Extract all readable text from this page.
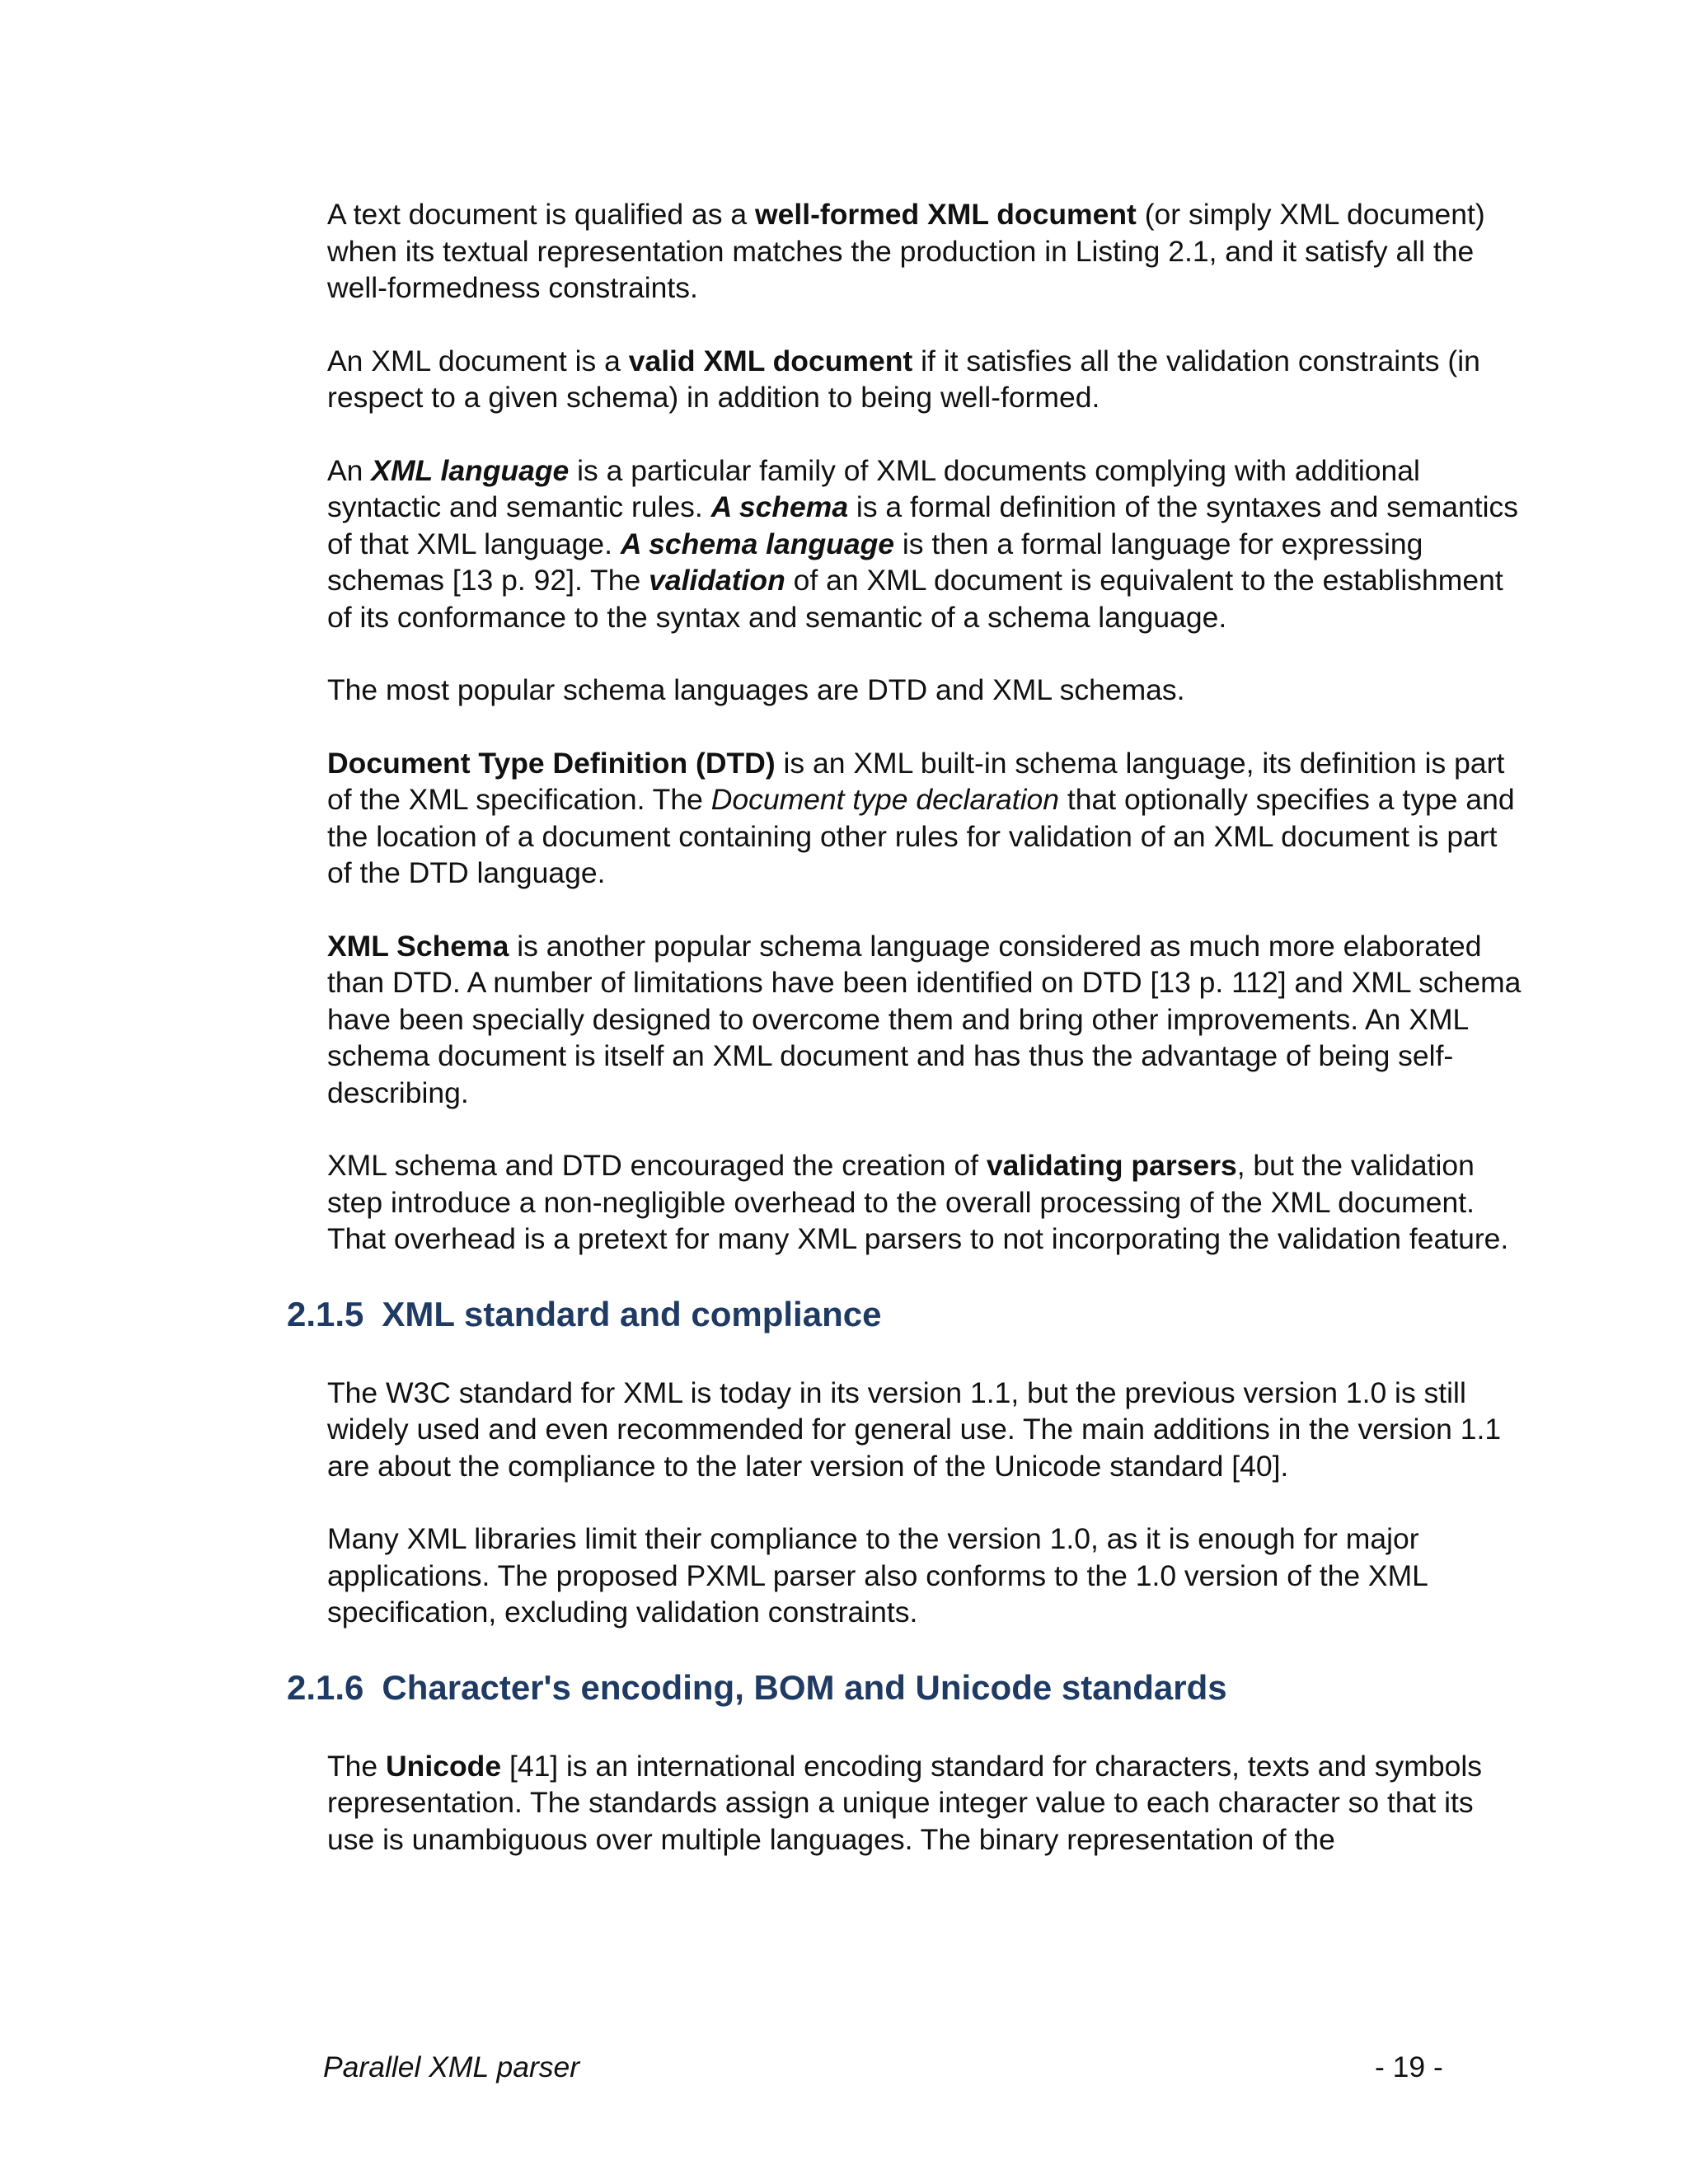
A text document is qualified as a well-formed XML document (or simply XML document) when its textual representation matches the production in Listing 2.1, and it satisfy all the well-formedness constraints.

An XML document is a valid XML document if it satisfies all the validation constraints (in respect to a given schema) in addition to being well-formed.

An XML language is a particular family of XML documents complying with additional syntactic and semantic rules. A schema is a formal definition of the syntaxes and semantics of that XML language. A schema language is then a formal language for expressing schemas [13 p. 92]. The validation of an XML document is equivalent to the establishment of its conformance to the syntax and semantic of a schema language.

The most popular schema languages are DTD and XML schemas.

Document Type Definition (DTD) is an XML built-in schema language, its definition is part of the XML specification. The Document type declaration that optionally specifies a type and the location of a document containing other rules for validation of an XML document is part of the DTD language.

XML Schema is another popular schema language considered as much more elaborated than DTD. A number of limitations have been identified on DTD [13 p. 112] and XML schema have been specially designed to overcome them and bring other improvements. An XML schema document is itself an XML document and has thus the advantage of being self-describing.

XML schema and DTD encouraged the creation of validating parsers, but the validation step introduce a non-negligible overhead to the overall processing of the XML document. That overhead is a pretext for many XML parsers to not incorporating the validation feature.

2.1.5 XML standard and compliance

The W3C standard for XML is today in its version 1.1, but the previous version 1.0 is still widely used and even recommended for general use. The main additions in the version 1.1 are about the compliance to the later version of the Unicode standard [40].

Many XML libraries limit their compliance to the version 1.0, as it is enough for major applications. The proposed PXML parser also conforms to the 1.0 version of the XML specification, excluding validation constraints.

2.1.6 Character's encoding, BOM and Unicode standards

The Unicode [41] is an international encoding standard for characters, texts and symbols representation. The standards assign a unique integer value to each character so that its use is unambiguous over multiple languages. The binary representation of the

Parallel XML parser	- 19 -
